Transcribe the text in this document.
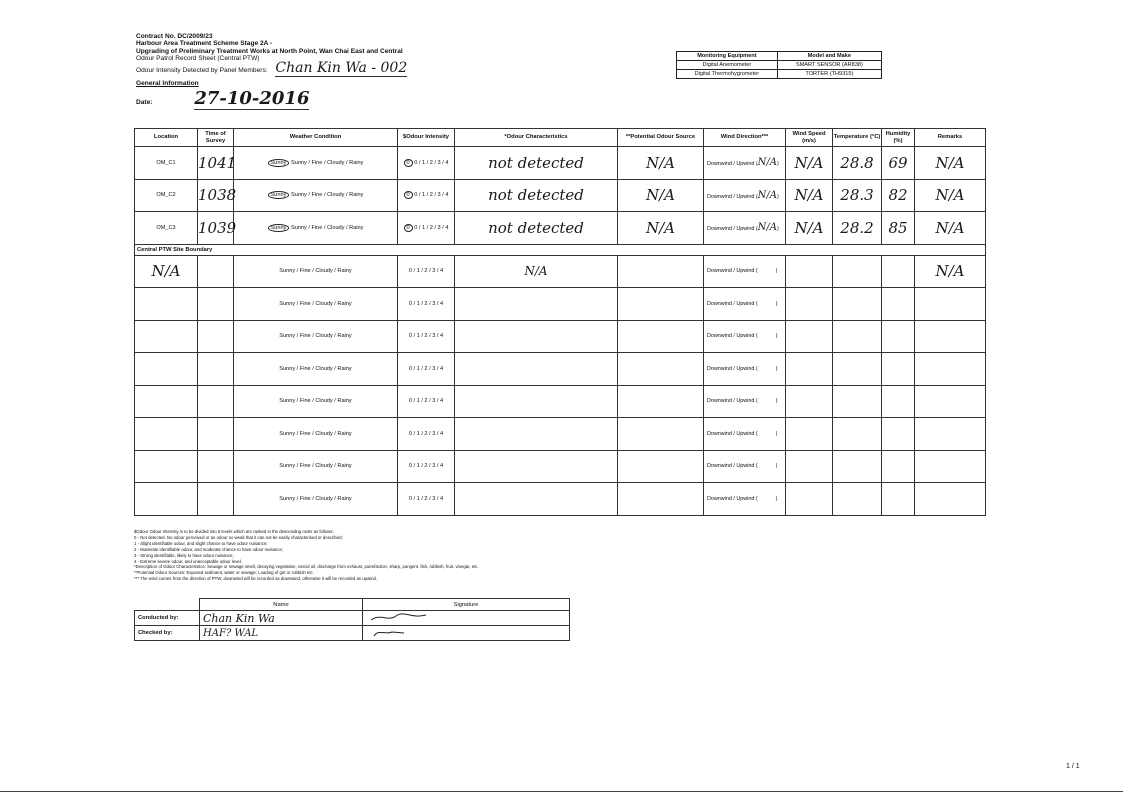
Contract No. DC/2009/23
Harbour Area Treatment Scheme Stage 2A -
Upgrading of Preliminary Treatment Works at North Point, Wan Chai East and Central
Odour Patrol Record Sheet (Central PTW)
Odour Intensity Detected by Panel Members: Chan Kin Wa - 002
General Information
Date: 27-10-2016
Monitoring Equipment	Model and Make
Digital Anemometer	SMART SENSOR (AR838)
Digital Thermohygrometer	TORTER (TH9315)
Location	Time of Survey	Weather Condition	$Odour Intensity	*Odour Characteristics	**Potential Odour Source	Wind Direction***	Wind Speed (m/s)	Temperature (°C)	Humidity (%)	Remarks
OM_C1	1041	Sunny Sunny / Fine / Cloudy / Rainy	0 0 / 1 / 2 / 3 / 4	not detected	N/A	Downwind / Upwind (N/A)	N/A	28.8	69	N/A
OM_C2	1038	Sunny Sunny / Fine / Cloudy / Rainy	0 0 / 1 / 2 / 3 / 4	not detected	N/A	Downwind / Upwind (N/A)	N/A	28.3	82	N/A
OM_C3	1039	Sunny Sunny / Fine / Cloudy / Rainy	0 0 / 1 / 2 / 3 / 4	not detected	N/A	Downwind / Upwind (N/A)	N/A	28.2	85	N/A
Central PTW Site Boundary										
N/A		Sunny / Fine / Cloudy / Rainy	0 / 1 / 2 / 3 / 4	N/A		Downwind / Upwind ( )				N/A
		Sunny / Fine / Cloudy / Rainy	0 / 1 / 2 / 3 / 4			Downwind / Upwind ( )				
		Sunny / Fine / Cloudy / Rainy	0 / 1 / 2 / 3 / 4			Downwind / Upwind ( )				
		Sunny / Fine / Cloudy / Rainy	0 / 1 / 2 / 3 / 4			Downwind / Upwind ( )				
		Sunny / Fine / Cloudy / Rainy	0 / 1 / 2 / 3 / 4			Downwind / Upwind ( )				
		Sunny / Fine / Cloudy / Rainy	0 / 1 / 2 / 3 / 4			Downwind / Upwind ( )				
		Sunny / Fine / Cloudy / Rainy	0 / 1 / 2 / 3 / 4			Downwind / Upwind ( )				
		Sunny / Fine / Cloudy / Rainy	0 / 1 / 2 / 3 / 4			Downwind / Upwind ( )				
$Odour Odour Intensity is to be divided into 5 levels which are ranked in the descending order as follows:
0 - Not detected. No odour perceived or an odour so weak that it can not be easily characterised or described;
1 - Slight identifiable odour, and slight chance to have odour nuisance;
2 - Moderate identifiable odour, and moderate chance to have odour nuisance;
3 - Strong identifiable, likely to have odour nuisance;
4 - Extreme severe odour, and unacceptable odour level.
*Description of Odour Characteristics: Sewage or sewage smell, decaying vegetation, rancid oil, discharge from exhaust, putrefaction, sharp, pungent, fish, rubbish, fruit, vinegar, etc.
**Potential Odour Sources: Exposed sediment, water or sewage; Loading of grit or rubbish etc.
*** The wind comes from the direction of PTW, downwind will be recorded as downwind, otherwise it will be recorded as upwind.
	Name	Signature
Conducted by:	Chan Kin Wa	
Checked by:	HAF? WAL	
1 / 1
